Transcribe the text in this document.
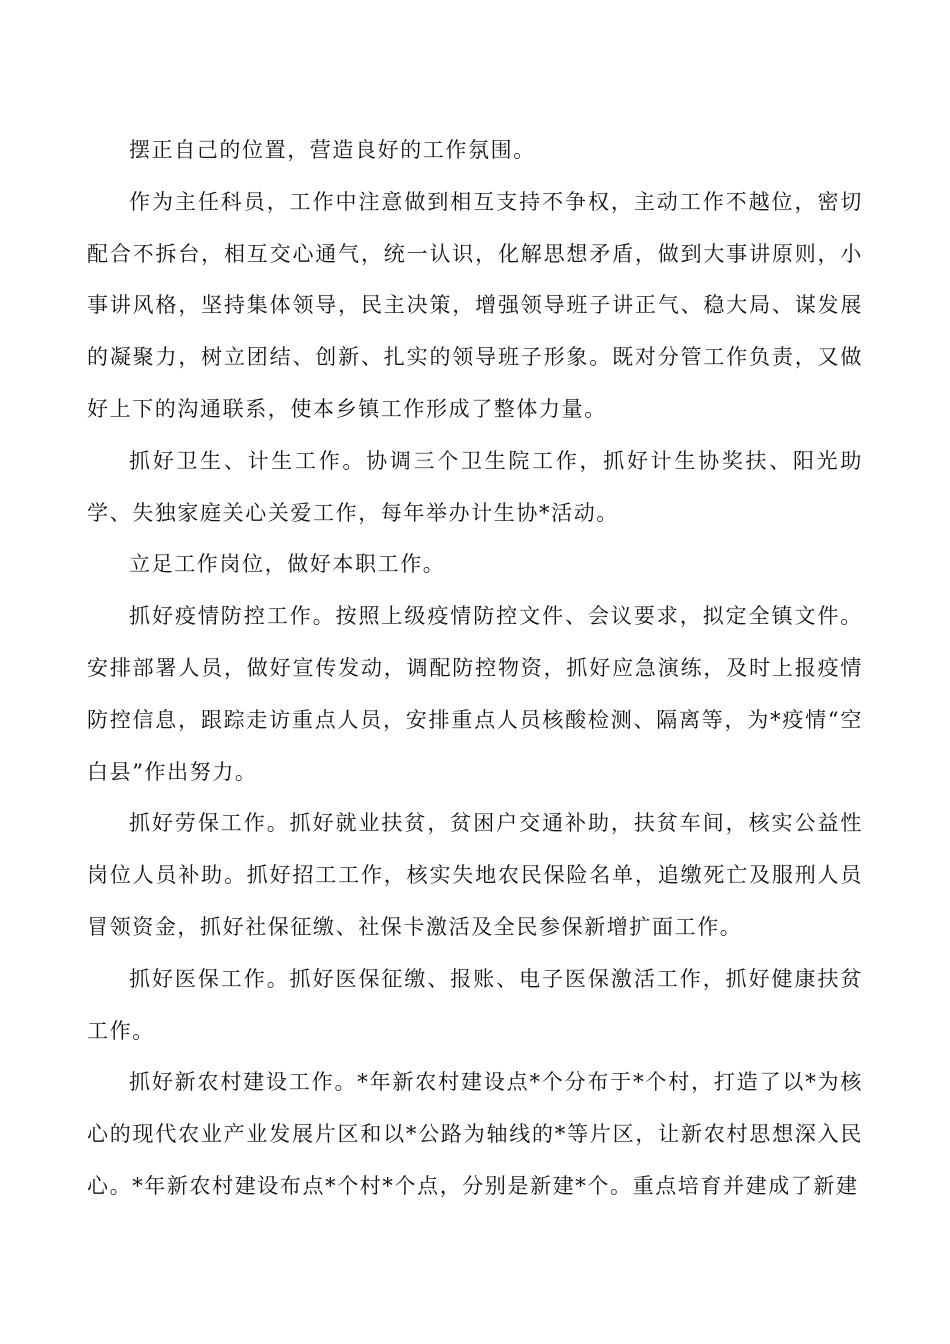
摆正自己的位置，营造良好的工作氛围。

作为主任科员，工作中注意做到相互支持不争权，主动工作不越位，密切配合不拆台，相互交心通气，统一认识，化解思想矛盾，做到大事讲原则，小事讲风格，坚持集体领导，民主决策，增强领导班子讲正气、稳大局、谋发展的凝聚力，树立团结、创新、扎实的领导班子形象。既对分管工作负责，又做好上下的沟通联系，使本乡镇工作形成了整体力量。

抓好卫生、计生工作。协调三个卫生院工作，抓好计生协奖扶、阳光助学、失独家庭关心关爱工作，每年举办计生协*活动。

立足工作岗位，做好本职工作。

抓好疫情防控工作。按照上级疫情防控文件、会议要求，拟定全镇文件。安排部署人员，做好宣传发动，调配防控物资，抓好应急演练，及时上报疫情防控信息，跟踪走访重点人员，安排重点人员核酸检测、隔离等，为*疫情“空白县”作出努力。

抓好劳保工作。抓好就业扶贫，贫困户交通补助，扶贫车间，核实公益性岗位人员补助。抓好招工工作，核实失地农民保险名单，追缴死亡及服刑人员冒领资金，抓好社保征缴、社保卡激活及全民参保新增扩面工作。

抓好医保工作。抓好医保征缴、报账、电子医保激活工作，抓好健康扶贫工作。

抓好新农村建设工作。*年新农村建设点*个分布于*个村，打造了以*为核心的现代农业产业发展片区和以*公路为轴线的*等片区，让新农村思想深入民心。*年新农村建设布点*个村*个点，分别是新建*个。重点培育并建成了新建
